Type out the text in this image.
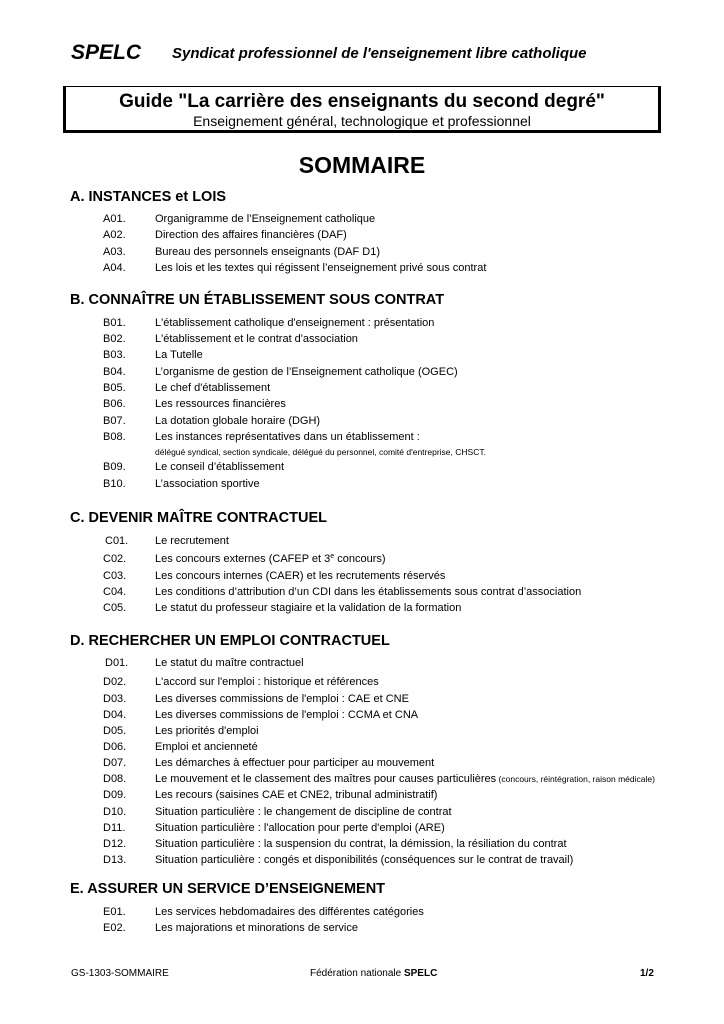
SPELC Syndicat professionnel de l'enseignement libre catholique
Guide "La carrière des enseignants du second degré"
Enseignement général, technologique et professionnel
SOMMAIRE
A. INSTANCES et LOIS
A01.	Organigramme de l’Enseignement catholique
A02.	Direction des affaires financières (DAF)
A03.	Bureau des personnels enseignants (DAF D1)
A04.	Les lois et les textes qui régissent l’enseignement privé sous contrat
B. CONNAÎTRE UN ÉTABLISSEMENT SOUS CONTRAT
B01.	L'établissement catholique d'enseignement : présentation
B02.	L'établissement et le contrat d'association
B03.	La Tutelle
B04.	L’organisme de gestion de l’Enseignement catholique (OGEC)
B05.	Le chef d'établissement
B06.	Les ressources financières
B07.	La dotation globale horaire (DGH)
B08.	Les instances représentatives dans un établissement :
délégué syndical, section syndicale, délégué du personnel, comité d'entreprise, CHSCT.
B09.	Le conseil d’établissement
B10.	L’association sportive
C. DEVENIR MAÎTRE CONTRACTUEL
C01. Le recrutement
C02.	Les concours externes (CAFEP et 3e concours)
C03.	Les concours internes (CAER) et les recrutements réservés
C04.	Les conditions d’attribution d’un CDI dans les établissements sous contrat d’association
C05.	Le statut du professeur stagiaire et la validation de la formation
D. RECHERCHER UN EMPLOI CONTRACTUEL
D01. Le statut du maître contractuel
D02.	L'accord sur l'emploi : historique et références
D03.	Les diverses commissions de l'emploi : CAE et CNE
D04.	Les diverses commissions de l'emploi : CCMA et CNA
D05.	Les priorités d'emploi
D06.	Emploi et ancienneté
D07.	Les démarches à effectuer pour participer au mouvement
D08.	Le mouvement et le classement des maîtres pour causes particulières (concours, réintégration, raison médicale)
D09.	Les recours (saisines CAE et CNE2, tribunal administratif)
D10.	Situation particulière : le changement de discipline de contrat
D11.	Situation particulière : l'allocation pour perte d'emploi (ARE)
D12.	Situation particulière : la suspension du contrat, la démission, la résiliation du contrat
D13.	Situation particulière : congés et disponibilités (conséquences sur le contrat de travail)
E. ASSURER UN SERVICE D’ENSEIGNEMENT
E01.	Les services hebdomadaires des différentes catégories
E02.	Les majorations et minorations de service
GS-1303-SOMMAIRE	Fédération nationale SPELC	1/2
